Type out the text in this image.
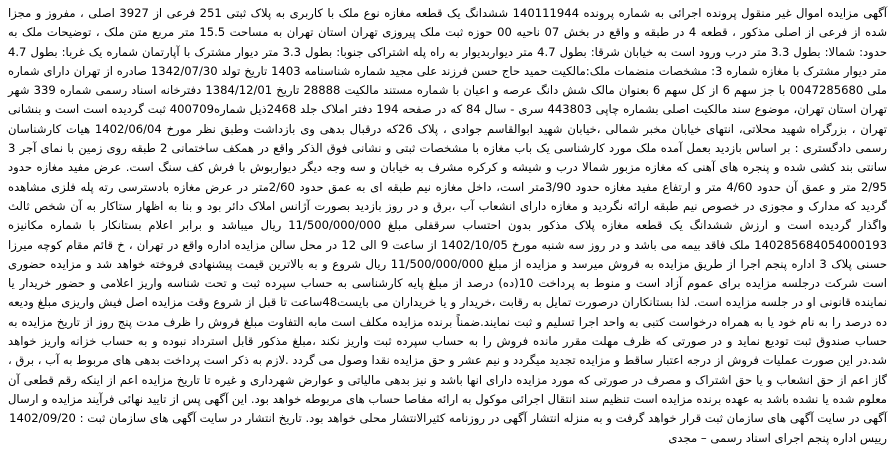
آگهی مزایده اموال غیر منقول پرونده اجرائی به شماره پرونده 140111944 ششدانگ یک قطعه مغازه نوع ملک با کاربری به پلاک ثبتی 251 فرعی از 3927 اصلی ، مفروز و مجزا شده از فرعی از اصلی مذکور ، قطعه 4 در طبقه و واقع در بخش 07 ناحیه 00 حوزه ثبت ملک پیروزی تهران استان تهران به مساحت 15.5 متر مربع متن ملک ، توضیحات ملک به حدود: شمالا: بطول 3.3 متر درب ورود است به خیابان شرقا: بطول 4.7 متر دیواربدیوار به راه پله اشتراکی جنوبا: بطول 3.3 متر دیوار مشترک با آپارتمان شماره یک غربا: بطول 4.7 متر دیوار مشترک با مغازه شماره 3: مشخصات منضمات ملک:مالکیت حمید حاج حسن فرزند علی مجید شماره شناسنامه 1403 تاریخ تولد 1342/07/30 صادره از تهران دارای شماره ملی 0047285680 با جز سهم 6 از کل سهم 6 بعنوان مالک شش دانگ عرصه و اعیان با شماره مستند مالکیت 28888 تاریخ 1384/12/01 دفترخانه اسناد رسمی شماره 339 شهر تهران استان تهران، موضوع سند مالکیت اصلی بشماره چاپی 443803 سری - سال 84 که در صفحه 194 دفتر املاک جلد 2468ذیل شماره400709 ثبت گردیده است است و بنشانی تهران ، بزرگراه شهید محلاتی، انتهای خیابان مخبر شمالی ،خیابان شهید ابوالقاسم جوادی ، پلاک 26که درقبال بدهی وی بازداشت وطبق نظر مورخ 1402/06/04 هیات کارشناسان رسمی دادگستری : بر اساس بازدید بعمل آمده ملک مورد کارشناسی یک باب مغازه با مشخصات ثبتی و نشانی فوق الذکر واقع در همکف ساختمانی 2 طبقه روی زمین با نمای آجر 3 سانتی بند کشی شده و پنجره های آهنی که مغازه مزبور شمالا درب و شیشه و کرکره مشرف به خیابان و سه وجه دیگر دیواربوش با فرش کف سنگ است. عرض مفید مغازه حدود 2/95 متر و عمق آن حدود 4/60 متر و ارتفاع مفید مغازه حدود 3/90متر است، داخل مغازه نیم طبقه ای به عمق حدود 2/60متر در عرض مغازه بادسترسی رته پله فلزی مشاهده گردید که مدارک و مجوزی در خصوص نیم طبقه ارائه نگردید و مغازه دارای انشعاب آب ،برق و در روز بازدید بصورت آژانس املاک دائر بود و بنا به اظهار ستاکار به آن شخص ثالث واگذار گردیده است و ارزش ششدانگ یک قطعه مغازه پلاک مذکور بدون احتساب سرقفلی مبلغ 11/500/000/000 ریال میباشد و برابر اعلام بستانکار با شماره مکانیزه 140285684054000193 ملک فاقد بیمه می باشد و در روز سه شنبه مورخ 1402/10/05 از ساعت 9 الی 12 در محل سالن مزایده اداره واقع در تهران ، خ قائم مقام کوچه میرزا حسنی پلاک 3 اداره پنجم اجرا از طریق مزایده به فروش میرسد و مزایده از مبلغ 11/500/000/000 ریال شروع و به بالاترین قیمت پیشنهادی فروخته خواهد شد و مزایده حضوری است شرکت درجلسه مزایده برای عموم آزاد است و منوط به پرداخت 10(ده) درصد از مبلغ پایه کارشناسی به حساب سپرده ثبت و تحت شناسه واریز اعلامی و حضور خریدار یا نماینده قانونی او در جلسه مزایده است. لذا بستانکاران درصورت تمایل به رقابت ،خریدار و یا خریداران می بایست48ساعت تا قبل از شروع وقت مزایده اصل فیش واریزی مبلغ ودیعه ده درصد را به نام خود یا به همراه درخواست کتبی به واحد اجرا تسلیم و ثبت نمایند.ضمناً برنده مزایده مکلف است مابه التفاوت مبلغ فروش را ظرف مدت پنج روز از تاریخ مزایده به حساب صندوق ثبت تودیع نماید و در صورتی که ظرف مهلت مقرر مانده فروش را به حساب سپرده ثبت واریز نکند ،مبلغ مذکور قابل استرداد نبوده و به حساب خزانه واریز خواهد شد.در این صورت عملیات فروش از درجه اعتبار ساقط و مزایده تجدید میگردد و نیم عشر و حق مزایده نقدا وصول می گردد .لازم به ذکر است پرداخت بدهی های مربوط به آب ، برق ، گاز اعم از حق انشعاب و یا حق اشتراک و مصرف در صورتی که مورد مزایده دارای انها باشد و نیز بدهی مالیاتی و عوارض شهرداری و غیره تا تاریخ مزایده اعم از اینکه رقم قطعی آن معلوم شده یا نشده باشد به عهده برنده مزایده است تنظیم سند انتقال اجرائی موکول به ارائه مفاصا حساب های مربوطه خواهد بود. این آگهی پس از تایید نهائی فرآیند مزایده و ارسال آگهی در سایت آگهی های سازمان ثبت قرار خواهد گرفت و به منزله انتشار آگهی در روزنامه کثیرالانتشار محلی خواهد بود. تاریخ انتشار در سایت آگهی های سازمان ثبت : 1402/09/20

رییس اداره پنجم اجرای اسناد رسمی – مجدی
